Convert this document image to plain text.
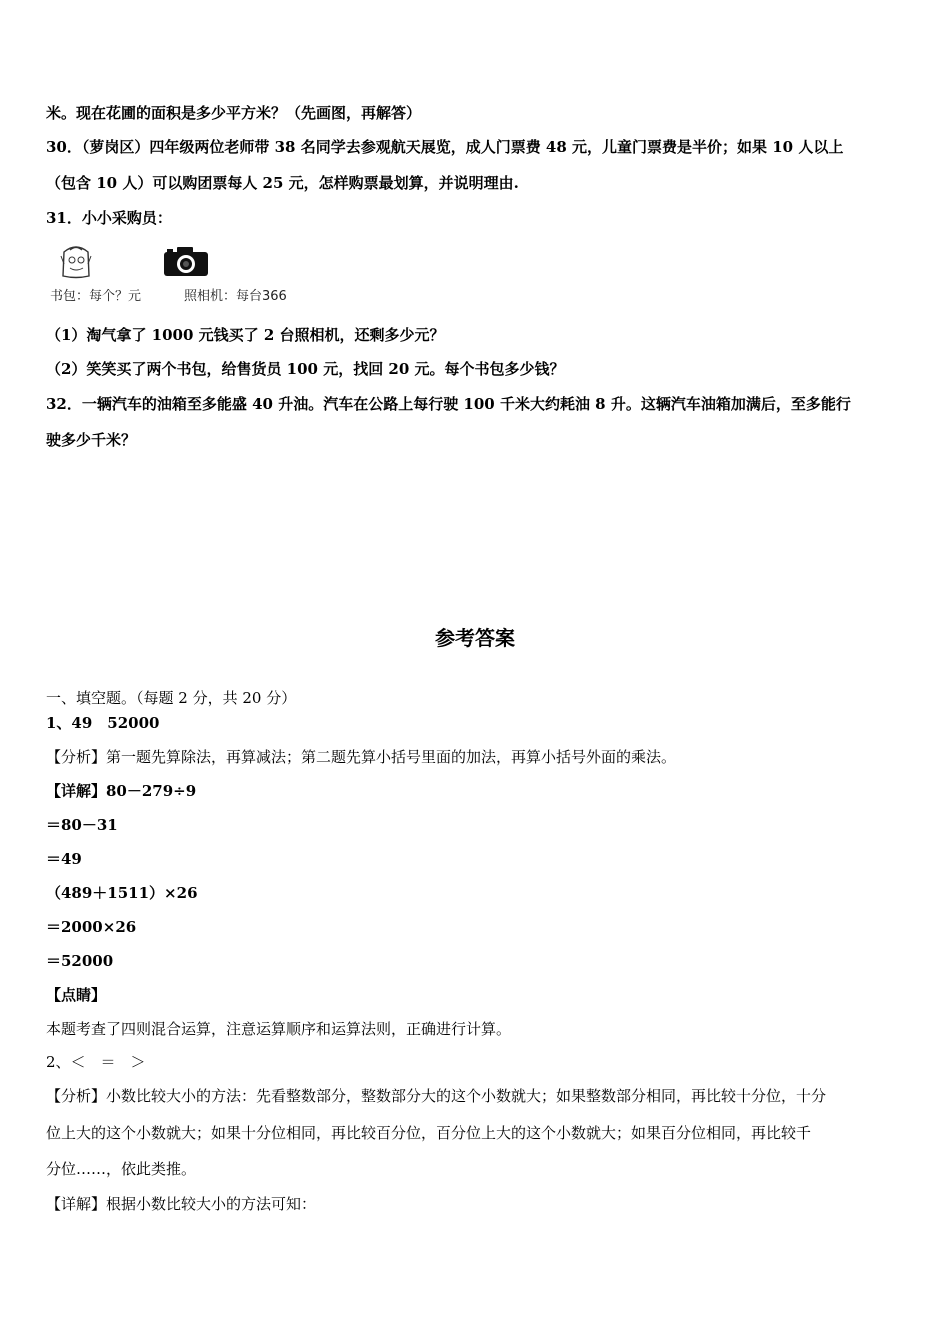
米。现在花圃的面积是多少平方米？（先画图，再解答）
30．（萝岗区）四年级两位老师带 38 名同学去参观航天展览，成人门票费 48 元，儿童门票费是半价；如果 10 人以上
（包含 10 人）可以购团票每人 25 元，怎样购票最划算，并说明理由.
31．小小采购员：
书包：每个？元	照相机：每台366
（1）淘气拿了 1000 元钱买了 2 台照相机，还剩多少元？
（2）笑笑买了两个书包，给售货员 100 元，找回 20 元。每个书包多少钱？
32．一辆汽车的油箱至多能盛 40 升油。汽车在公路上每行驶 100 千米大约耗油 8 升。这辆汽车油箱加满后，至多能行
驶多少千米？
参考答案
一、填空题。（每题 2 分，共 20 分）
1、49　52000
【分析】第一题先算除法，再算减法；第二题先算小括号里面的加法，再算小括号外面的乘法。
【详解】80－279÷9
＝80－31
＝49
（489＋1511）×26
＝2000×26
＝52000
【点睛】
本题考查了四则混合运算，注意运算顺序和运算法则，正确进行计算。
2、＜　＝　＞
【分析】小数比较大小的方法：先看整数部分，整数部分大的这个小数就大；如果整数部分相同，再比较十分位，十分
位上大的这个小数就大；如果十分位相同，再比较百分位，百分位上大的这个小数就大；如果百分位相同，再比较千
分位……，依此类推。
【详解】根据小数比较大小的方法可知：
